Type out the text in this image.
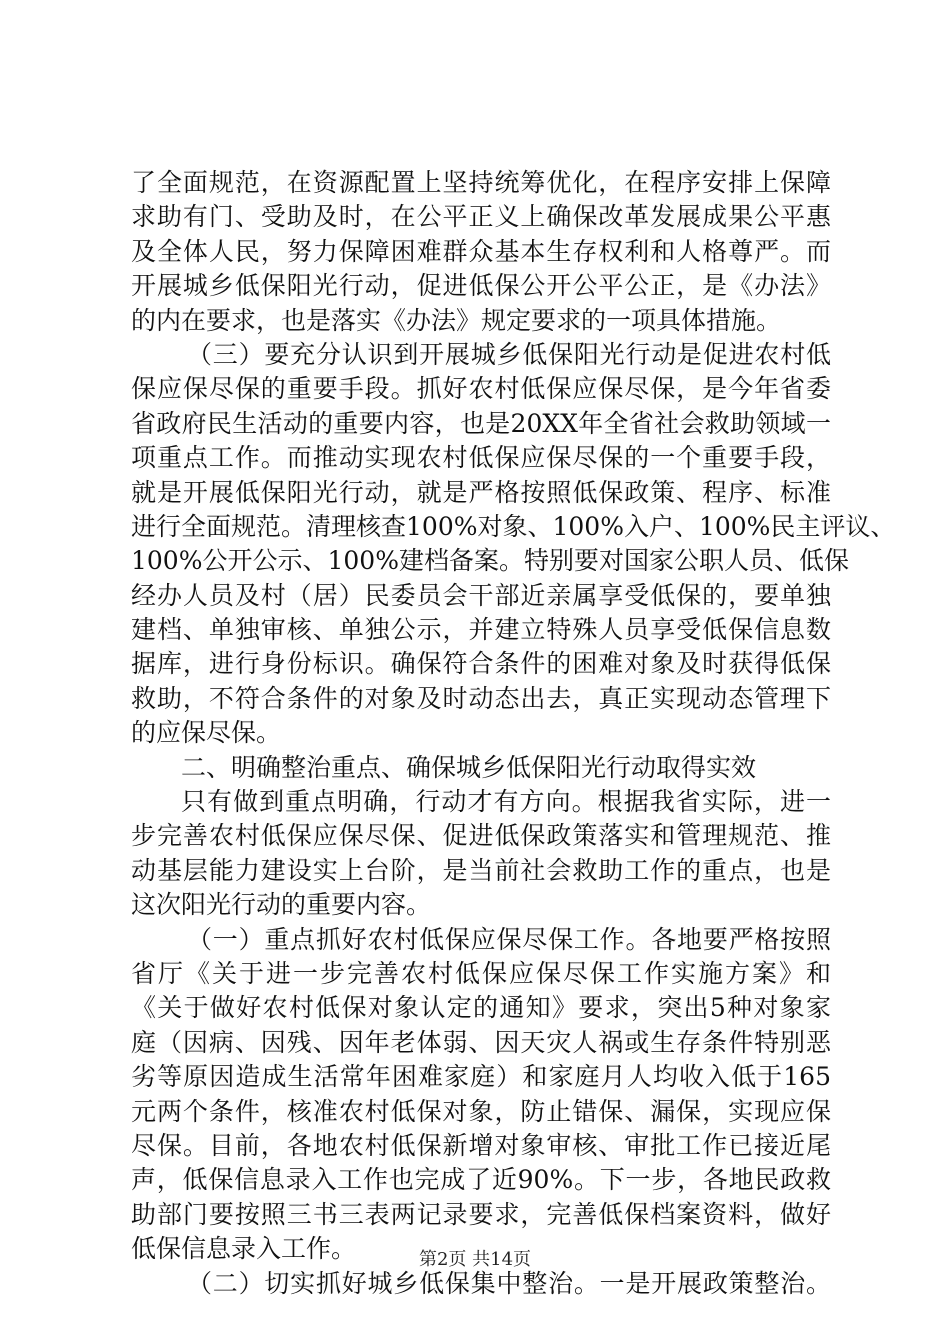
了全面规范，在资源配置上坚持统筹优化，在程序安排上保障
求助有门、受助及时，在公平正义上确保改革发展成果公平惠
及全体人民，努力保障困难群众基本生存权利和人格尊严。而
开展城乡低保阳光行动，促进低保公开公平公正，是《办法》
的内在要求，也是落实《办法》规定要求的一项具体措施。
（三）要充分认识到开展城乡低保阳光行动是促进农村低
保应保尽保的重要手段。抓好农村低保应保尽保，是今年省委
省政府民生活动的重要内容，也是20XX年全省社会救助领域一
项重点工作。而推动实现农村低保应保尽保的一个重要手段，
就是开展低保阳光行动，就是严格按照低保政策、程序、标准
进行全面规范。清理核查100%对象、100%入户、100%民主评议、
100%公开公示、100%建档备案。特别要对国家公职人员、低保
经办人员及村（居）民委员会干部近亲属享受低保的，要单独
建档、单独审核、单独公示，并建立特殊人员享受低保信息数
据库，进行身份标识。确保符合条件的困难对象及时获得低保
救助，不符合条件的对象及时动态出去，真正实现动态管理下
的应保尽保。
二、明确整治重点、确保城乡低保阳光行动取得实效
只有做到重点明确，行动才有方向。根据我省实际，进一
步完善农村低保应保尽保、促进低保政策落实和管理规范、推
动基层能力建设实上台阶，是当前社会救助工作的重点，也是
这次阳光行动的重要内容。
（一）重点抓好农村低保应保尽保工作。各地要严格按照
省厅《关于进一步完善农村低保应保尽保工作实施方案》和
《关于做好农村低保对象认定的通知》要求，突出5种对象家
庭（因病、因残、因年老体弱、因天灾人祸或生存条件特别恶
劣等原因造成生活常年困难家庭）和家庭月人均收入低于165
元两个条件，核准农村低保对象，防止错保、漏保，实现应保
尽保。目前，各地农村低保新增对象审核、审批工作已接近尾
声，低保信息录入工作也完成了近90%。下一步，各地民政救
助部门要按照三书三表两记录要求，完善低保档案资料，做好
低保信息录入工作。
（二）切实抓好城乡低保集中整治。一是开展政策整治。
第2页 共14页
